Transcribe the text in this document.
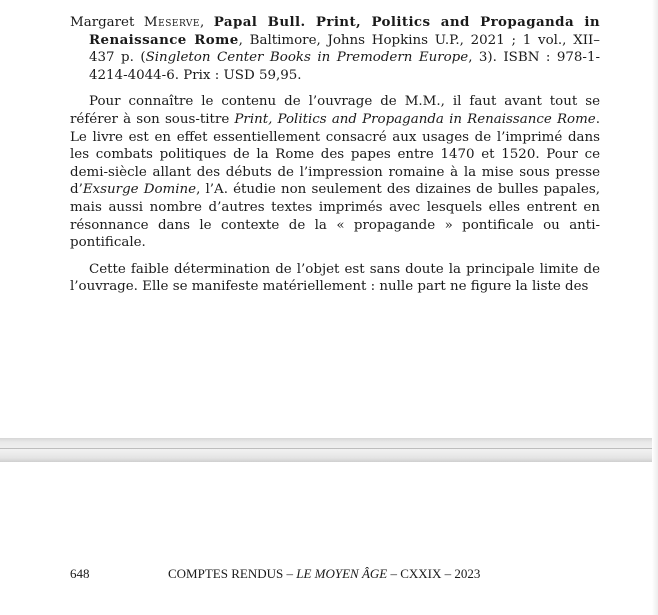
Margaret Meserve, Papal Bull. Print, Politics and Propaganda in Renaissance Rome, Baltimore, Johns Hopkins U.P., 2021 ; 1 vol., XII–437 p. (Singleton Center Books in Premodern Europe, 3). ISBN : 978-1-4214-4044-6. Prix : USD 59,95.

Pour connaître le contenu de l’ouvrage de M.M., il faut avant tout se référer à son sous-titre Print, Politics and Propaganda in Renaissance Rome. Le livre est en effet essentiellement consacré aux usages de l’imprimé dans les combats politiques de la Rome des papes entre 1470 et 1520. Pour ce demi-siècle allant des débuts de l’impression romaine à la mise sous presse d’Exsurge Domine, l’A. étudie non seulement des dizaines de bulles papales, mais aussi nombre d’autres textes imprimés avec lesquels elles entrent en résonnance dans le contexte de la « propagande » pontificale ou anti-pontificale.

Cette faible détermination de l’objet est sans doute la principale limite de l’ouvrage. Elle se manifeste matériellement : nulle part ne figure la liste des

648	COMPTES RENDUS – LE MOYEN ÂGE – CXXIX – 2023
